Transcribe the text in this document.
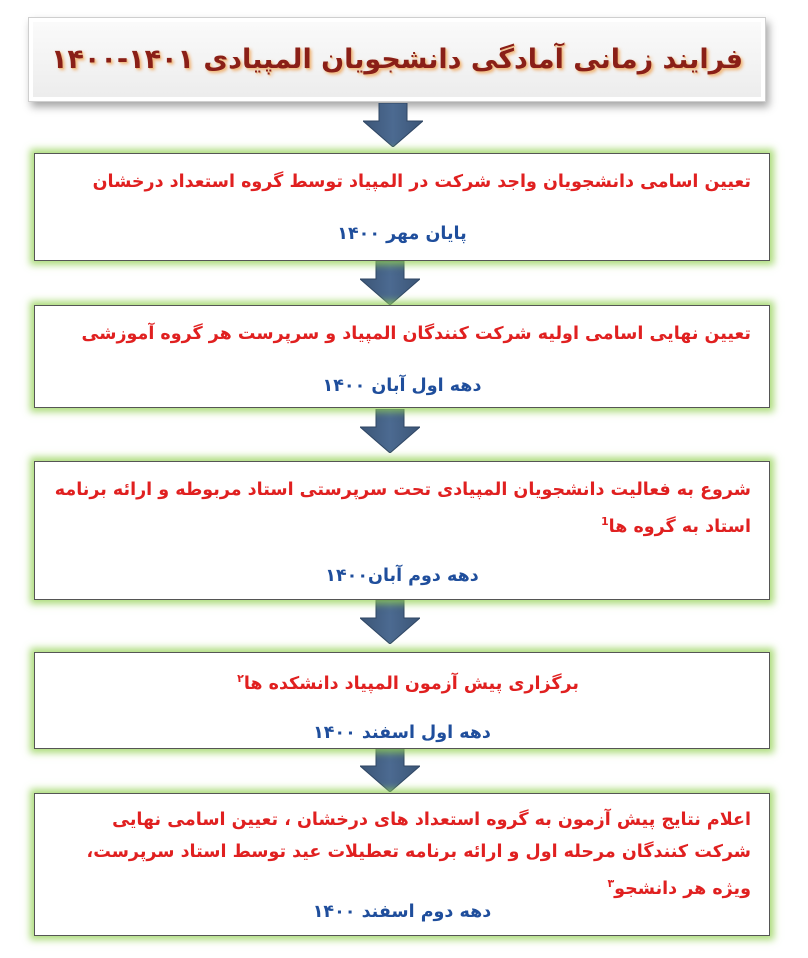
فرایند زمانی آمادگی دانشجویان المپیادی ۱۴۰۱-۱۴۰۰
تعیین اسامی دانشجویان واجد شرکت در المپیاد توسط گروه استعداد درخشان
پایان مهر ۱۴۰۰
تعیین نهایی اسامی اولیه شرکت کنندگان المپیاد و سرپرست هر گروه آموزشی
دهه اول آبان ۱۴۰۰
شروع به فعالیت دانشجویان المپیادی تحت سرپرستی استاد مربوطه و ارائه برنامه استاد به گروه ها$^1$
دهه دوم آبان۱۴۰۰
برگزاری پیش آزمون المپیاد دانشکده ها$^۲$
دهه اول اسفند ۱۴۰۰
اعلام نتایج پیش آزمون به گروه استعداد های درخشان ، تعیین اسامی نهایی شرکت کنندگان مرحله اول و ارائه برنامه تعطیلات عید توسط استاد سرپرست، ویژه هر دانشجو$^۳$
دهه دوم اسفند ۱۴۰۰
